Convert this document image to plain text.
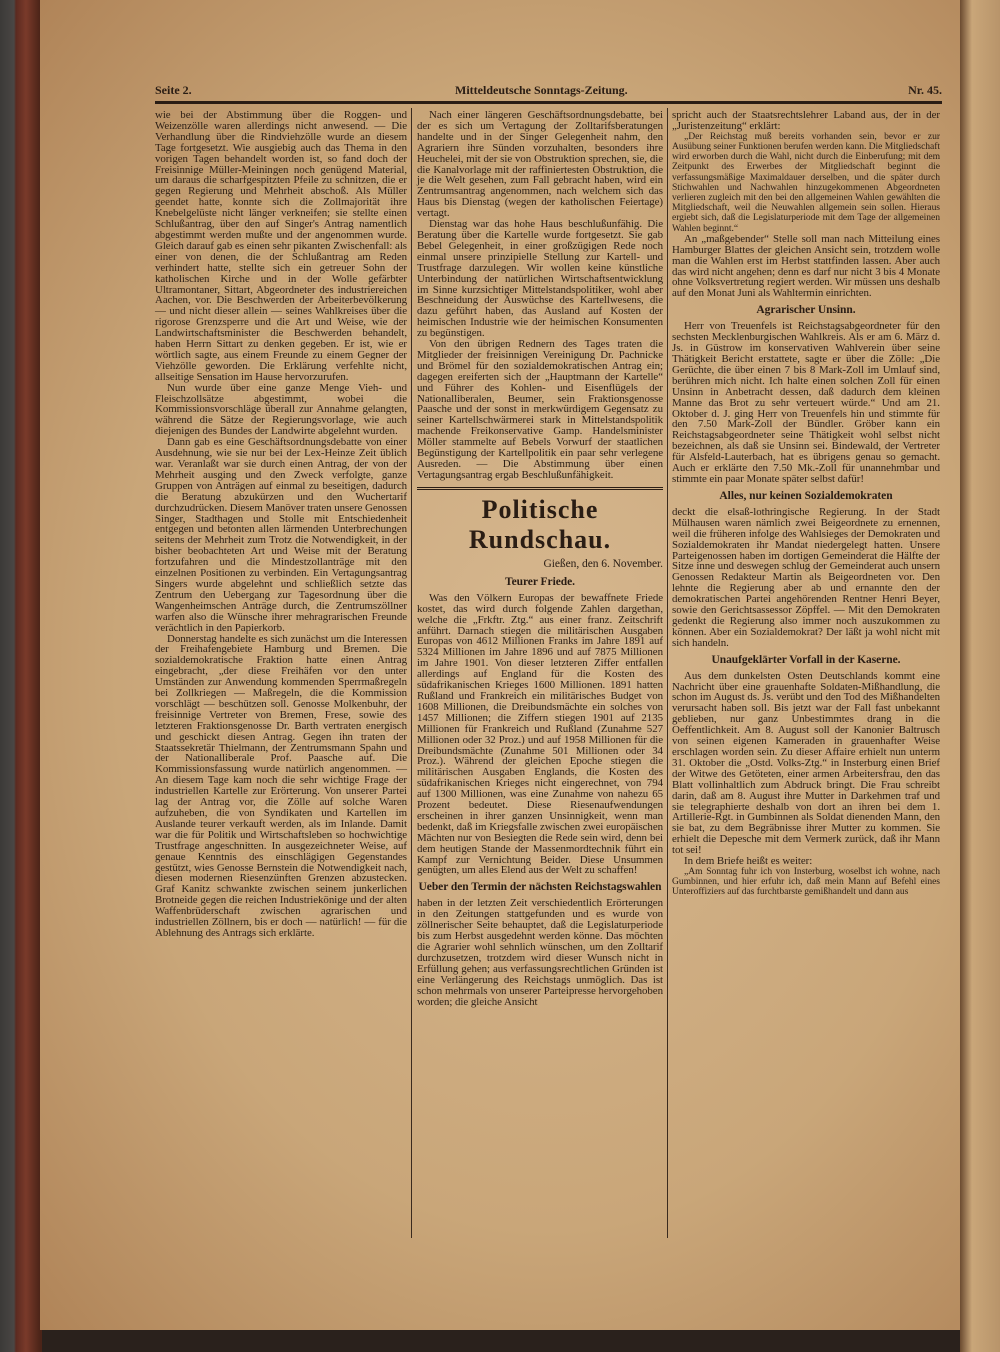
Seite 2.	Mitteldeutsche Sonntags-Zeitung.	Nr. 45.

wie bei der Abstimmung über die Roggen- und Weizenzölle waren allerdings nicht anwesend. — Die Verhandlung über die Rindviehzölle wurde an diesem Tage fortgesetzt. Wie ausgiebig auch das Thema in den vorigen Tagen behandelt worden ist, so fand doch der Freisinnige Müller-Meiningen noch genügend Material, um daraus die scharfgespitzten Pfeile zu schnitzen, die er gegen Regierung und Mehrheit abschoß. Als Müller geendet hatte, konnte sich die Zollmajorität ihre Knebelgelüste nicht länger verkneifen; sie stellte einen Schlußantrag, über den auf Singer's Antrag namentlich abgestimmt werden mußte und der angenommen wurde. Gleich darauf gab es einen sehr pikanten Zwischenfall: als einer von denen, die der Schlußantrag am Reden verhindert hatte, stellte sich ein getreuer Sohn der katholischen Kirche und in der Wolle gefärbter Ultramontaner, Sittart, Abgeordneter des industriereichen Aachen, vor. Die Beschwerden der Arbeiterbevölkerung — und nicht dieser allein — seines Wahlkreises über die rigorose Grenzsperre und die Art und Weise, wie der Landwirtschaftsminister die Beschwerden behandelt, haben Herrn Sittart zu denken gegeben. Er ist, wie er wörtlich sagte, aus einem Freunde zu einem Gegner der Viehzölle geworden. Die Erklärung verfehlte nicht, allseitige Sensation im Hause hervorzurufen.

Nun wurde über eine ganze Menge Vieh- und Fleischzollsätze abgestimmt, wobei die Kommissionsvorschläge überall zur Annahme gelangten, während die Sätze der Regierungsvorlage, wie auch diejenigen des Bundes der Landwirte abgelehnt wurden.

Dann gab es eine Geschäftsordnungsdebatte von einer Ausdehnung, wie sie nur bei der Lex-Heinze Zeit üblich war. Veranlaßt war sie durch einen Antrag, der von der Mehrheit ausging und den Zweck verfolgte, ganze Gruppen von Anträgen auf einmal zu beseitigen, dadurch die Beratung abzukürzen und den Wuchertarif durchzudrücken. Diesem Manöver traten unsere Genossen Singer, Stadthagen und Stolle mit Entschiedenheit entgegen und betonten allen lärmenden Unterbrechungen seitens der Mehrheit zum Trotz die Notwendigkeit, in der bisher beobachteten Art und Weise mit der Beratung fortzufahren und die Mindestzollanträge mit den einzelnen Positionen zu verbinden. Ein Vertagungsantrag Singers wurde abgelehnt und schließlich setzte das Zentrum den Uebergang zur Tagesordnung über die Wangenheimschen Anträge durch, die Zentrumszöllner warfen also die Wünsche ihrer mehragrarischen Freunde verächtlich in den Papierkorb.

Donnerstag handelte es sich zunächst um die Interessen der Freihafengebiete Hamburg und Bremen. Die sozialdemokratische Fraktion hatte einen Antrag eingebracht, „der diese Freihäfen vor den unter Umständen zur Anwendung kommenden Sperrmaßregeln bei Zollkriegen — Maßregeln, die die Kommission vorschlägt — beschützen soll. Genosse Molkenbuhr, der freisinnige Vertreter von Bremen, Frese, sowie des letzteren Fraktionsgenosse Dr. Barth vertraten energisch und geschickt diesen Antrag. Gegen ihn traten der Staatssekretär Thielmann, der Zentrumsmann Spahn und der Nationalliberale Prof. Paasche auf. Die Kommissionsfassung wurde natürlich angenommen. — An diesem Tage kam noch die sehr wichtige Frage der industriellen Kartelle zur Erörterung. Von unserer Partei lag der Antrag vor, die Zölle auf solche Waren aufzuheben, die von Syndikaten und Kartellen im Auslande teurer verkauft werden, als im Inlande. Damit war die für Politik und Wirtschaftsleben so hochwichtige Trustfrage angeschnitten. In ausgezeichneter Weise, auf genaue Kenntnis des einschlägigen Gegenstandes gestützt, wies Genosse Bernstein die Notwendigkeit nach, diesen modernen Riesenzünften Grenzen abzustecken. Graf Kanitz schwankte zwischen seinem junkerlichen Brotneide gegen die reichen Industriekönige und der alten Waffenbrüderschaft zwischen agrarischen und industriellen Zöllnern, bis er doch — natürlich! — für die Ablehnung des Antrags sich erklärte.

Nach einer längeren Geschäftsordnungsdebatte, bei der es sich um Vertagung der Zolltarifsberatungen handelte und in der Singer Gelegenheit nahm, den Agrariern ihre Sünden vorzuhalten, besonders ihre Heuchelei, mit der sie von Obstruktion sprechen, sie, die die Kanalvorlage mit der raffiniertesten Obstruktion, die je die Welt gesehen, zum Fall gebracht haben, wird ein Zentrumsantrag angenommen, nach welchem sich das Haus bis Dienstag (wegen der katholischen Feiertage) vertagt.

Dienstag war das hohe Haus beschlußunfähig. Die Beratung über die Kartelle wurde fortgesetzt. Sie gab Bebel Gelegenheit, in einer großzügigen Rede noch einmal unsere prinzipielle Stellung zur Kartell- und Trustfrage darzulegen. Wir wollen keine künstliche Unterbindung der natürlichen Wirtschaftsentwicklung im Sinne kurzsichtiger Mittelstandspolitiker, wohl aber Beschneidung der Auswüchse des Kartellwesens, die dazu geführt haben, das Ausland auf Kosten der heimischen Industrie wie der heimischen Konsumenten zu begünstigen.

Von den übrigen Rednern des Tages traten die Mitglieder der freisinnigen Vereinigung Dr. Pachnicke und Brömel für den sozialdemokratischen Antrag ein; dagegen ereiferten sich der „Hauptmann der Kartelle“ und Führer des Kohlen- und Eisenflügels der Nationalliberalen, Beumer, sein Fraktionsgenosse Paasche und der sonst in merkwürdigem Gegensatz zu seiner Kartellschwärmerei stark in Mittelstandspolitik machende Freikonservative Gamp. Handelsminister Möller stammelte auf Bebels Vorwurf der staatlichen Begünstigung der Kartellpolitik ein paar sehr verlegene Ausreden. — Die Abstimmung über einen Vertagungsantrag ergab Beschlußunfähigkeit.

Politische Rundschau.
Gießen, den 6. November.
Teurer Friede.

Was den Völkern Europas der bewaffnete Friede kostet, das wird durch folgende Zahlen dargethan, welche die „Frkftr. Ztg.“ aus einer franz. Zeitschrift anführt. Darnach stiegen die militärischen Ausgaben Europas von 4612 Millionen Franks im Jahre 1891 auf 5324 Millionen im Jahre 1896 und auf 7875 Millionen im Jahre 1901. Von dieser letzteren Ziffer entfallen allerdings auf England für die Kosten des südafrikanischen Krieges 1600 Millionen. 1891 hatten Rußland und Frankreich ein militärisches Budget von 1608 Millionen, die Dreibundsmächte ein solches von 1457 Millionen; die Ziffern stiegen 1901 auf 2135 Millionen für Frankreich und Rußland (Zunahme 527 Millionen oder 32 Proz.) und auf 1958 Millionen für die Dreibundsmächte (Zunahme 501 Millionen oder 34 Proz.). Während der gleichen Epoche stiegen die militärischen Ausgaben Englands, die Kosten des südafrikanischen Krieges nicht eingerechnet, von 794 auf 1300 Millionen, was eine Zunahme von nahezu 65 Prozent bedeutet. Diese Riesenaufwendungen erscheinen in ihrer ganzen Unsinnigkeit, wenn man bedenkt, daß im Kriegsfalle zwischen zwei europäischen Mächten nur von Besiegten die Rede sein wird, denn bei dem heutigen Stande der Massenmordtechnik führt ein Kampf zur Vernichtung Beider. Diese Unsummen genügten, um alles Elend aus der Welt zu schaffen!

Ueber den Termin der nächsten Reichstagswahlen

haben in der letzten Zeit verschiedentlich Erörterungen in den Zeitungen stattgefunden und es wurde von zöllnerischer Seite behauptet, daß die Legislaturperiode bis zum Herbst ausgedehnt werden könne. Das möchten die Agrarier wohl sehnlich wünschen, um den Zolltarif durchzusetzen, trotzdem wird dieser Wunsch nicht in Erfüllung gehen; aus verfassungsrechtlichen Gründen ist eine Verlängerung des Reichstags unmöglich. Das ist schon mehrmals von unserer Parteipresse hervorgehoben worden; die gleiche Ansicht

spricht auch der Staatsrechtslehrer Laband aus, der in der „Juristenzeitung“ erklärt:

„Der Reichstag muß bereits vorhanden sein, bevor er zur Ausübung seiner Funktionen berufen werden kann. Die Mitgliedschaft wird erworben durch die Wahl, nicht durch die Einberufung; mit dem Zeitpunkt des Erwerbes der Mitgliedschaft beginnt die verfassungsmäßige Maximaldauer derselben, und die später durch Stichwahlen und Nachwahlen hinzugekommenen Abgeordneten verlieren zugleich mit den bei den allgemeinen Wahlen gewählten die Mitgliedschaft, weil die Neuwahlen allgemein sein sollen. Hieraus ergiebt sich, daß die Legislaturperiode mit dem Tage der allgemeinen Wahlen beginnt.“

An „maßgebender“ Stelle soll man nach Mitteilung eines Hamburger Blattes der gleichen Ansicht sein, trotzdem wolle man die Wahlen erst im Herbst stattfinden lassen. Aber auch das wird nicht angehen; denn es darf nur nicht 3 bis 4 Monate ohne Volksvertretung regiert werden. Wir müssen uns deshalb auf den Monat Juni als Wahltermin einrichten.

Agrarischer Unsinn.

Herr von Treuenfels ist Reichstagsabgeordneter für den sechsten Mecklenburgischen Wahlkreis. Als er am 6. März d. Js. in Güstrow im konservativen Wahlverein über seine Thätigkeit Bericht erstattete, sagte er über die Zölle: „Die Gerüchte, die über einen 7 bis 8 Mark-Zoll im Umlauf sind, berühren mich nicht. Ich halte einen solchen Zoll für einen Unsinn in Anbetracht dessen, daß dadurch dem kleinen Manne das Brot zu sehr verteuert würde.“ Und am 21. Oktober d. J. ging Herr von Treuenfels hin und stimmte für den 7.50 Mark-Zoll der Bündler. Gröber kann ein Reichstagsabgeordneter seine Thätigkeit wohl selbst nicht bezeichnen, als daß sie Unsinn sei. Bindewald, der Vertreter für Alsfeld-Lauterbach, hat es übrigens genau so gemacht. Auch er erklärte den 7.50 Mk.-Zoll für unannehmbar und stimmte ein paar Monate später selbst dafür!

Alles, nur keinen Sozialdemokraten

deckt die elsaß-lothringische Regierung. In der Stadt Mülhausen waren nämlich zwei Beigeordnete zu ernennen, weil die früheren infolge des Wahlsieges der Demokraten und Sozialdemokraten ihr Mandat niedergelegt hatten. Unsere Parteigenossen haben im dortigen Gemeinderat die Hälfte der Sitze inne und deswegen schlug der Gemeinderat auch unsern Genossen Redakteur Martin als Beigeordneten vor. Den lehnte die Regierung aber ab und ernannte den der demokratischen Partei angehörenden Rentner Henri Beyer, sowie den Gerichtsassessor Zöpffel. — Mit den Demokraten gedenkt die Regierung also immer noch auszukommen zu können. Aber ein Sozialdemokrat? Der läßt ja wohl nicht mit sich handeln.

Unaufgeklärter Vorfall in der Kaserne.

Aus dem dunkelsten Osten Deutschlands kommt eine Nachricht über eine grauenhafte Soldaten-Mißhandlung, die schon im August ds. Js. verübt und den Tod des Mißhandelten verursacht haben soll. Bis jetzt war der Fall fast unbekannt geblieben, nur ganz Unbestimmtes drang in die Oeffentlichkeit. Am 8. August soll der Kanonier Baltrusch von seinen eigenen Kameraden in grauenhafter Weise erschlagen worden sein. Zu dieser Affaire erhielt nun unterm 31. Oktober die „Ostd. Volks-Ztg.“ in Insterburg einen Brief der Witwe des Getöteten, einer armen Arbeitersfrau, den das Blatt vollinhaltlich zum Abdruck bringt. Die Frau schreibt darin, daß am 8. August ihre Mutter in Darkehmen traf und sie telegraphierte deshalb von dort an ihren bei dem 1. Artillerie-Rgt. in Gumbinnen als Soldat dienenden Mann, den sie bat, zu dem Begräbnisse ihrer Mutter zu kommen. Sie erhielt die Depesche mit dem Vermerk zurück, daß ihr Mann tot sei!

In dem Briefe heißt es weiter:

„Am Sonntag fuhr ich von Insterburg, woselbst ich wohne, nach Gumbinnen, und hier erfuhr ich, daß mein Mann auf Befehl eines Unteroffiziers auf das furchtbarste gemißhandelt und dann aus
